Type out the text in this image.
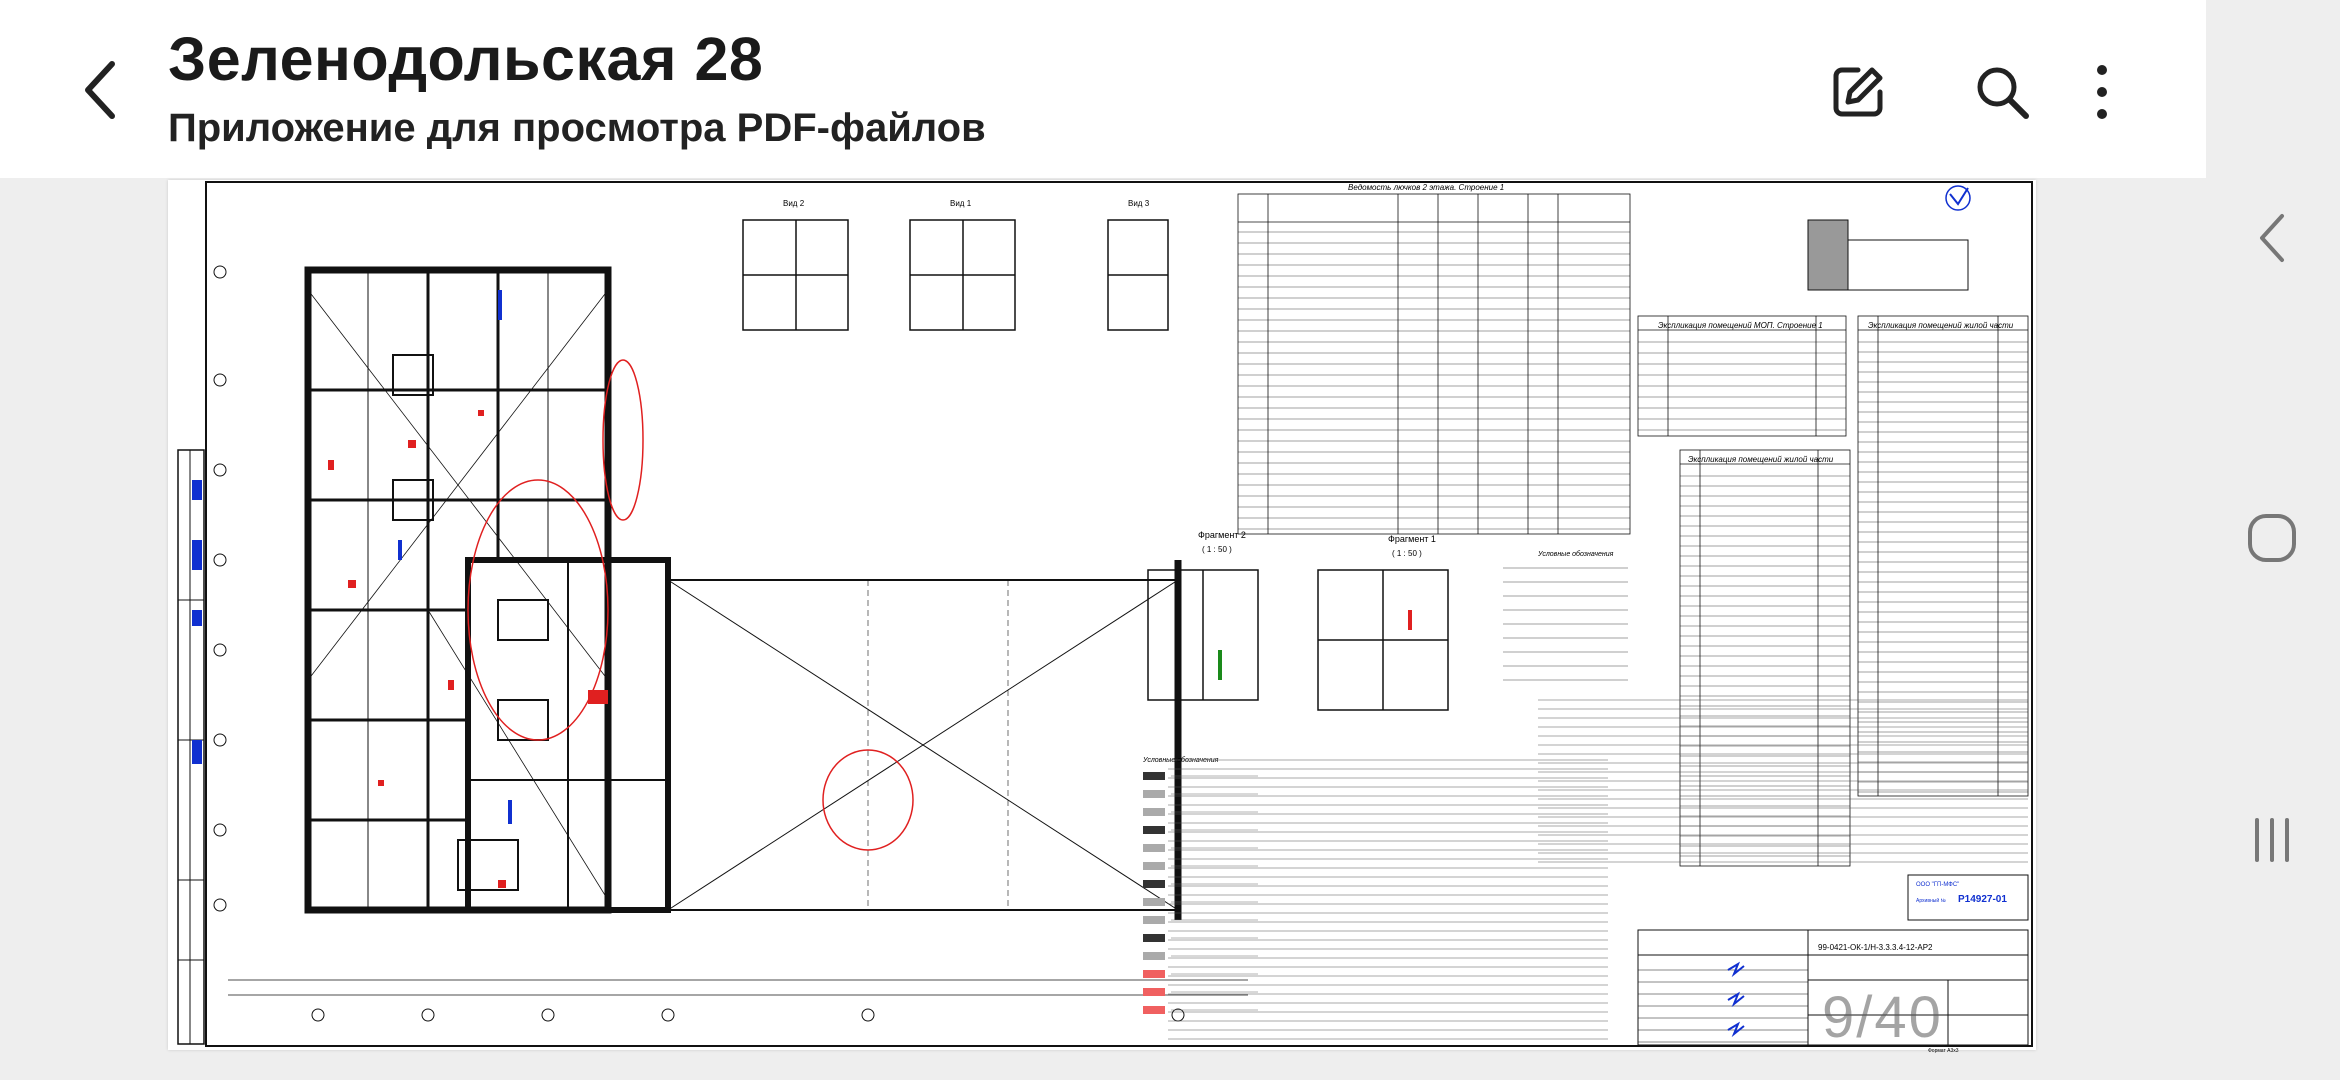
Зеленодольская 28
Приложение для просмотра PDF-файлов
Вид 2	Вид 1	Вид 3
Ведомость лючков 2 этажа. Строение 1
Экспликация помещений МОП. Строение 1	Экспликация помещений жилой части
Экспликация помещений жилой части
Фрагмент 2
( 1 : 50 )
Фрагмент 1
( 1 : 50 )	Условные обозначения
Условные обозначения
99-0421-ОК-1/Н-3.3.3.4-12-АР2
ООО "ГП-МФС"
Архивный № P14927-01
Формат А3x3
9/40
